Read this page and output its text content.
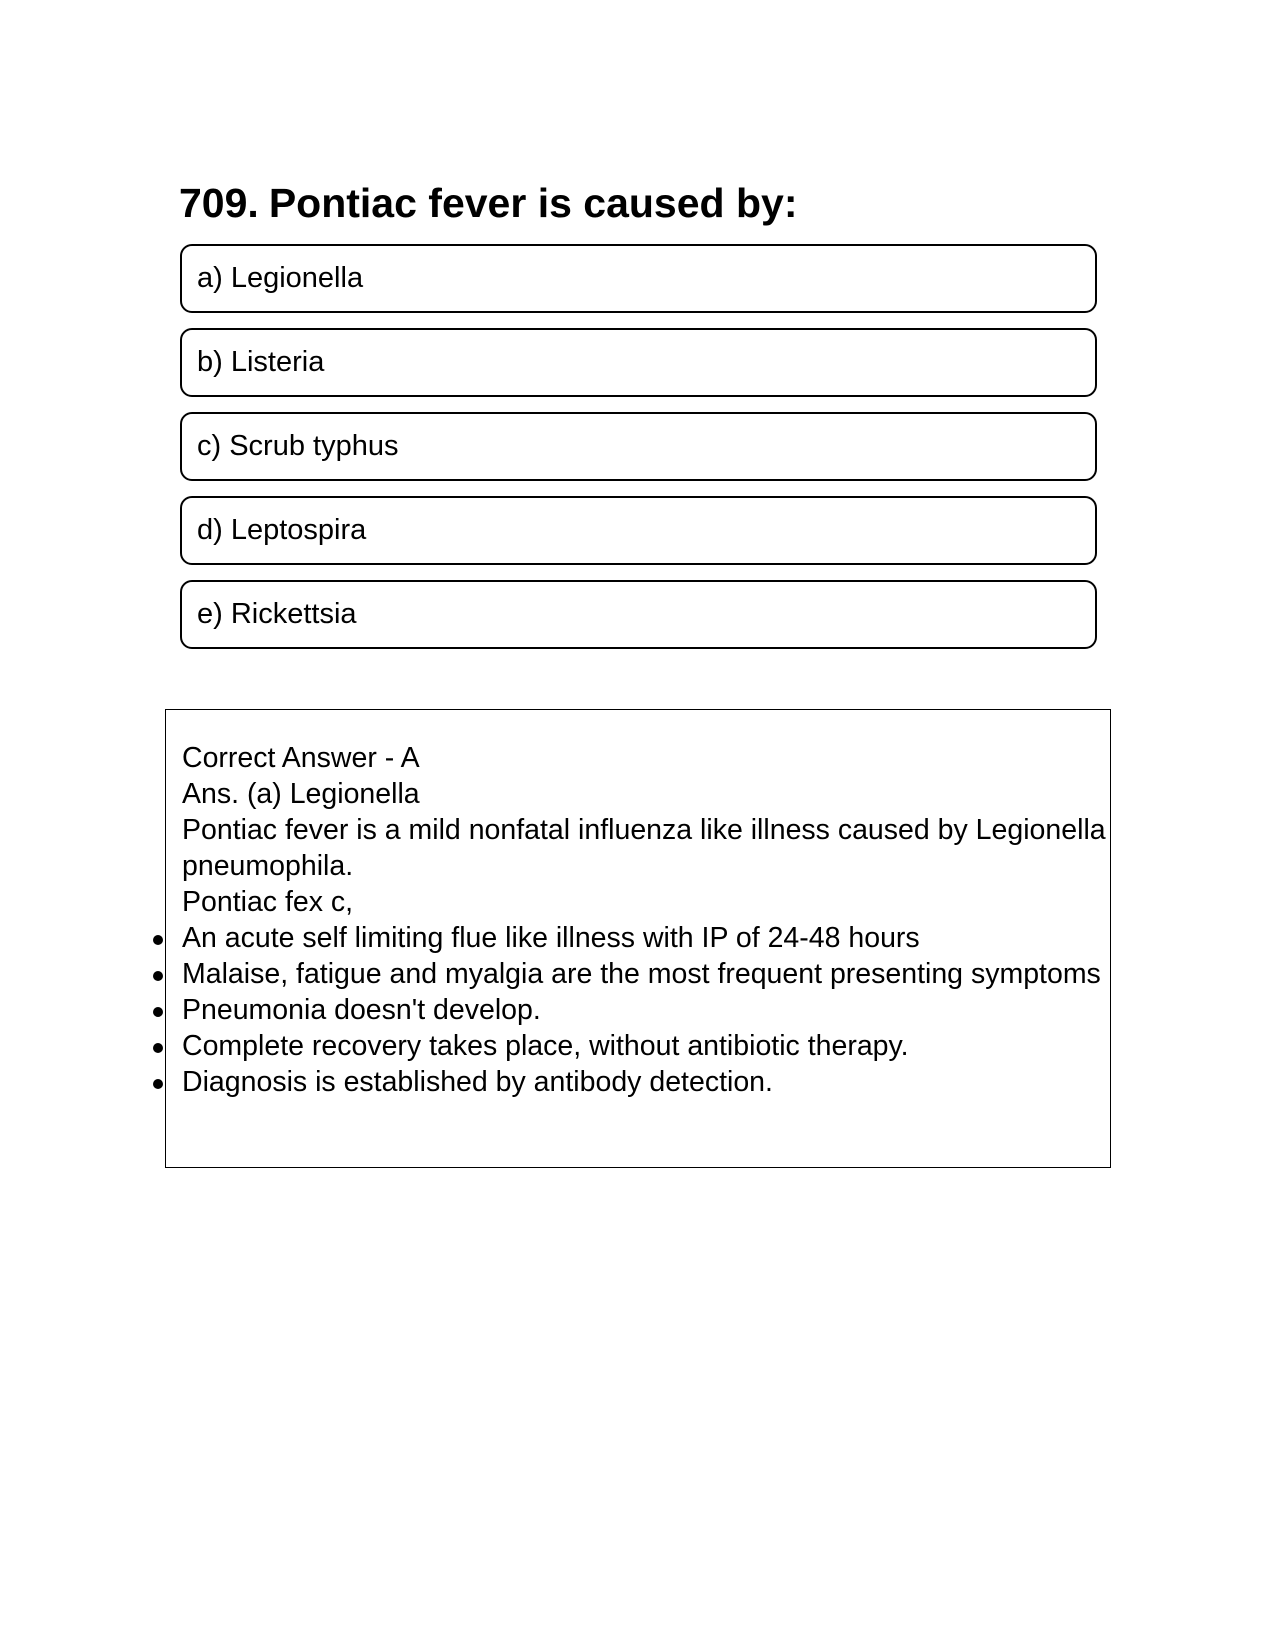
709. Pontiac fever is caused by:
a) Legionella
b) Listeria
c) Scrub typhus
d) Leptospira
e) Rickettsia

Correct Answer - A

Ans. (a) Legionella

Pontiac fever is a mild nonfatal influenza like illness caused by Legionella pneumophila.

Pontiac fex c,

An acute self limiting flue like illness with IP of 24-48 hours
Malaise, fatigue and myalgia are the most frequent presenting symptoms
Pneumonia doesn't develop.
Complete recovery takes place, without antibiotic therapy.
Diagnosis is established by antibody detection.
